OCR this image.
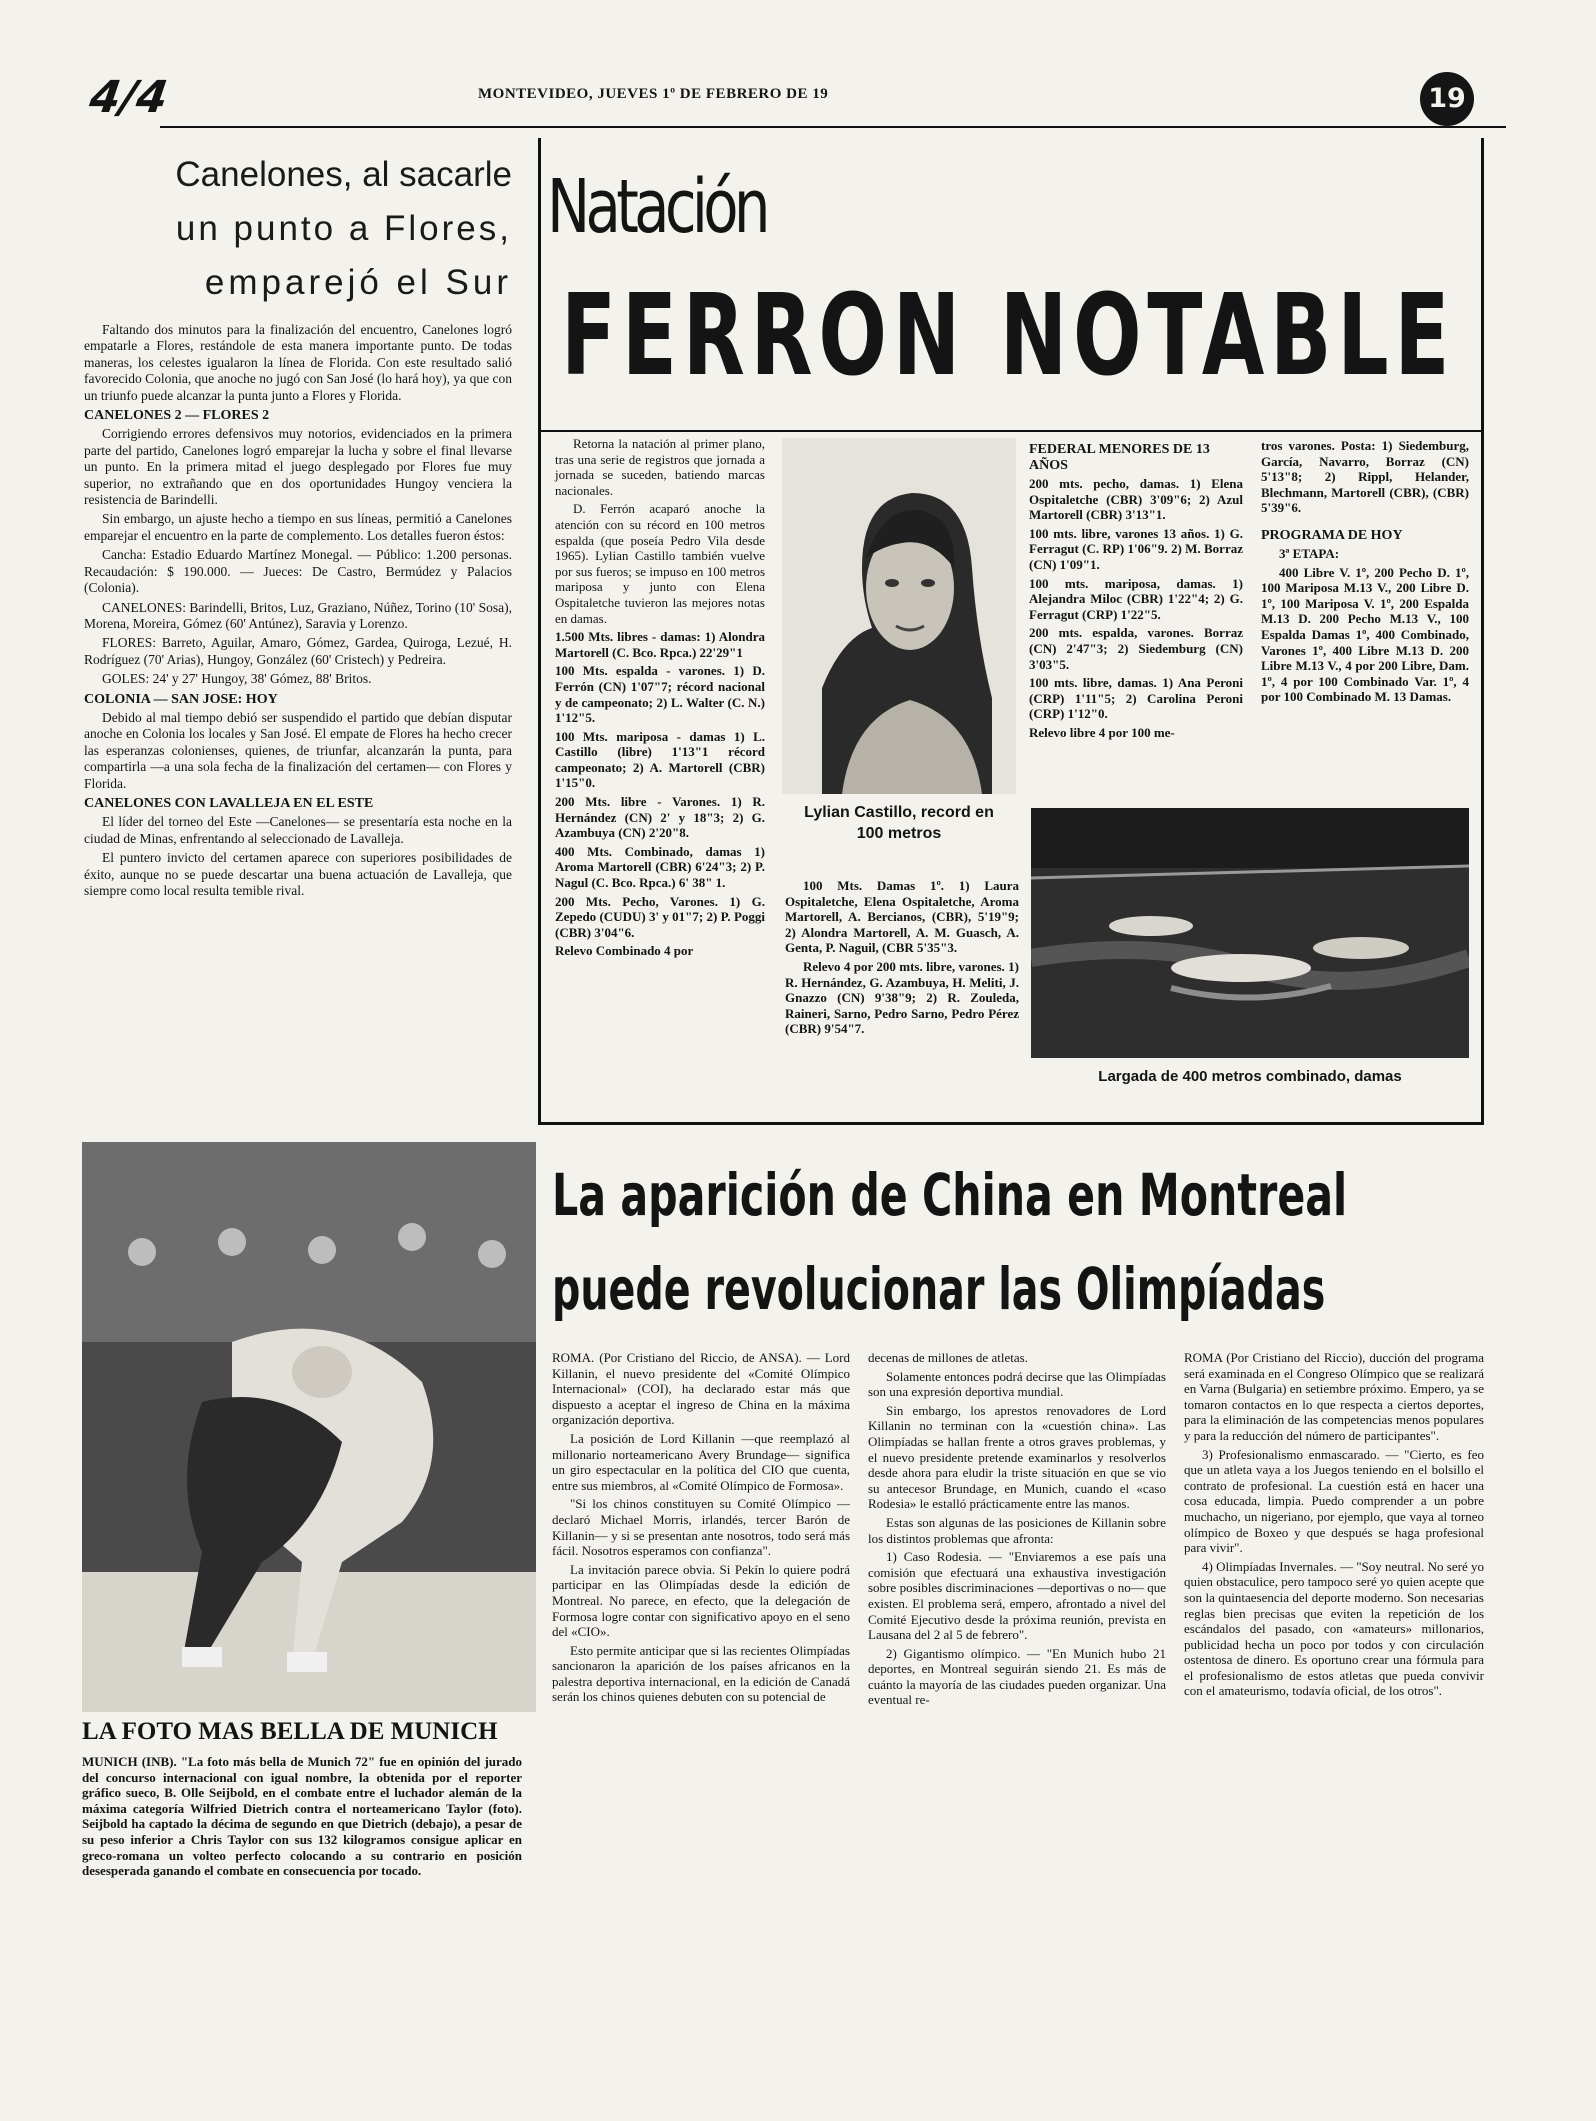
4/4	MONTEVIDEO, JUEVES 1º DE FEBRERO DE 19	19
Canelones, al sacarle
un punto a Flores,
emparejó el Sur

Faltando dos minutos para la finalización del encuentro, Canelones logró empatarle a Flores, restándole de esta manera importante punto. De todas maneras, los celestes igualaron la línea de Florida. Con este resultado salió favorecido Colonia, que anoche no jugó con San José (lo hará hoy), ya que con un triunfo puede alcanzar la punta junto a Flores y Florida.

CANELONES 2 — FLORES 2

Corrigiendo errores defensivos muy notorios, evidenciados en la primera parte del partido, Canelones logró emparejar la lucha y sobre el final llevarse un punto. En la primera mitad el juego desplegado por Flores fue muy superior, no extrañando que en dos oportunidades Hungoy venciera la resistencia de Barindelli.

Sin embargo, un ajuste hecho a tiempo en sus líneas, permitió a Canelones emparejar el encuentro en la parte de complemento. Los detalles fueron éstos:

Cancha: Estadio Eduardo Martínez Monegal. — Público: 1.200 personas. Recaudación: $ 190.000. — Jueces: De Castro, Bermúdez y Palacios (Colonia).

CANELONES: Barindelli, Britos, Luz, Graziano, Núñez, Torino (10' Sosa), Morena, Moreira, Gómez (60' Antúnez), Saravia y Lorenzo.

FLORES: Barreto, Aguilar, Amaro, Gómez, Gardea, Quiroga, Lezué, H. Rodríguez (70' Arias), Hungoy, González (60' Cristech) y Pedreira.

GOLES: 24' y 27' Hungoy, 38' Gómez, 88' Britos.

COLONIA — SAN JOSE: HOY

Debido al mal tiempo debió ser suspendido el partido que debían disputar anoche en Colonia los locales y San José. El empate de Flores ha hecho crecer las esperanzas colonienses, quienes, de triunfar, alcanzarán la punta, para compartirla —a una sola fecha de la finalización del certamen— con Flores y Florida.

CANELONES CON LAVALLEJA EN EL ESTE

El líder del torneo del Este —Canelones— se presentaría esta noche en la ciudad de Minas, enfrentando al seleccionado de Lavalleja.

El puntero invicto del certamen aparece con superiores posibilidades de éxito, aunque no se puede descartar una buena actuación de Lavalleja, que siempre como local resulta temible rival.

Natación
FERRON NOTABLE

Retorna la natación al primer plano, tras una serie de registros que jornada a jornada se suceden, batiendo marcas nacionales.

D. Ferrón acaparó anoche la atención con su récord en 100 metros espalda (que poseía Pedro Vila desde 1965). Lylian Castillo también vuelve por sus fueros; se impuso en 100 metros mariposa y junto con Elena Ospitaletche tuvieron las mejores notas en damas.

1.500 Mts. libres - damas: 1) Alondra Martorell (C. Bco. Rpca.) 22'29"1

100 Mts. espalda - varones. 1) D. Ferrón (CN) 1'07"7; récord nacional y de campeonato; 2) L. Walter (C. N.) 1'12"5.

100 Mts. mariposa - damas 1) L. Castillo (libre) 1'13"1 récord campeonato; 2) A. Martorell (CBR) 1'15"0.

200 Mts. libre - Varones. 1) R. Hernández (CN) 2' y 18"3; 2) G. Azambuya (CN) 2'20"8.

400 Mts. Combinado, damas 1) Aroma Martorell (CBR) 6'24"3; 2) P. Nagul (C. Bco. Rpca.) 6' 38" 1.

200 Mts. Pecho, Varones. 1) G. Zepedo (CUDU) 3' y 01"7; 2) P. Poggi (CBR) 3'04"6.

Relevo Combinado 4 por

Lylian Castillo, record en 100 metros

100 Mts. Damas 1º. 1) Laura Ospitaletche, Elena Ospitaletche, Aroma Martorell, A. Bercianos, (CBR), 5'19"9; 2) Alondra Martorell, A. M. Guasch, A. Genta, P. Naguil, (CBR 5'35"3.

Relevo 4 por 200 mts. libre, varones. 1) R. Hernández, G. Azambuya, H. Meliti, J. Gnazzo (CN) 9'38"9; 2) R. Zouleda, Raineri, Sarno, Pedro Sarno, Pedro Pérez (CBR) 9'54"7.

FEDERAL MENORES DE 13 AÑOS

200 mts. pecho, damas. 1) Elena Ospitaletche (CBR) 3'09"6; 2) Azul Martorell (CBR) 3'13"1.

100 mts. libre, varones 13 años. 1) G. Ferragut (C. RP) 1'06"9. 2) M. Borraz (CN) 1'09"1.

100 mts. mariposa, damas. 1) Alejandra Miloc (CBR) 1'22"4; 2) G. Ferragut (CRP) 1'22"5.

200 mts. espalda, varones. Borraz (CN) 2'47"3; 2) Siedemburg (CN) 3'03"5.

100 mts. libre, damas. 1) Ana Peroni (CRP) 1'11"5; 2) Carolina Peroni (CRP) 1'12"0.

Relevo libre 4 por 100 me-

tros varones. Posta: 1) Siedemburg, García, Navarro, Borraz (CN) 5'13"8; 2) Rippl, Helander, Blechmann, Martorell (CBR), (CBR) 5'39"6.

PROGRAMA DE HOY

3ª ETAPA:

400 Libre V. 1º, 200 Pecho D. 1º, 100 Mariposa M.13 V., 200 Libre D. 1º, 100 Mariposa V. 1º, 200 Espalda M.13 D. 200 Pecho M.13 V., 100 Espalda Damas 1º, 400 Combinado, Varones 1º, 400 Libre M.13 D. 200 Libre M.13 V., 4 por 200 Libre, Dam. 1º, 4 por 100 Combinado Var. 1º, 4 por 100 Combinado M. 13 Damas.

Largada de 400 metros combinado, damas
LA FOTO MAS BELLA DE MUNICH
MUNICH (INB). "La foto más bella de Munich 72" fue en opinión del jurado del concurso internacional con igual nombre, la obtenida por el reporter gráfico sueco, B. Olle Seijbold, en el combate entre el luchador alemán de la máxima categoría Wilfried Dietrich contra el norteamericano Taylor (foto). Seijbold ha captado la décima de segundo en que Dietrich (debajo), a pesar de su peso inferior a Chris Taylor con sus 132 kilogramos consigue aplicar en greco-romana un volteo perfecto colocando a su contrario en posición desesperada ganando el combate en consecuencia por tocado.
La aparición de China en Montreal
puede revolucionar las Olimpíadas

ROMA. (Por Cristiano del Riccio, de ANSA). — Lord Killanin, el nuevo presidente del «Comité Olímpico Internacional» (COI), ha declarado estar más que dispuesto a aceptar el ingreso de China en la máxima organización deportiva.

La posición de Lord Killanin —que reemplazó al millonario norteamericano Avery Brundage— significa un giro espectacular en la política del CIO que cuenta, entre sus miembros, al «Comité Olímpico de Formosa».

"Si los chinos constituyen su Comité Olímpico —declaró Michael Morris, irlandés, tercer Barón de Killanin— y si se presentan ante nosotros, todo será más fácil. Nosotros esperamos con confianza".

La invitación parece obvia. Si Pekín lo quiere podrá participar en las Olimpíadas desde la edición de Montreal. No parece, en efecto, que la delegación de Formosa logre contar con significativo apoyo en el seno del «CIO».

Esto permite anticipar que si las recientes Olimpíadas sancionaron la aparición de los países africanos en la palestra deportiva internacional, en la edición de Canadá serán los chinos quienes debuten con su potencial de

decenas de millones de atletas.

Solamente entonces podrá decirse que las Olimpíadas son una expresión deportiva mundial.

Sin embargo, los aprestos renovadores de Lord Killanin no terminan con la «cuestión china». Las Olimpíadas se hallan frente a otros graves problemas, y el nuevo presidente pretende examinarlos y resolverlos desde ahora para eludir la triste situación en que se vio su antecesor Brundage, en Munich, cuando el «caso Rodesia» le estalló prácticamente entre las manos.

Estas son algunas de las posiciones de Killanin sobre los distintos problemas que afronta:

1) Caso Rodesia. — "Enviaremos a ese país una comisión que efectuará una exhaustiva investigación sobre posibles discriminaciones —deportivas o no— que existen. El problema será, empero, afrontado a nivel del Comité Ejecutivo desde la próxima reunión, prevista en Lausana del 2 al 5 de febrero".

2) Gigantismo olímpico. — "En Munich hubo 21 deportes, en Montreal seguirán siendo 21. Es más de cuánto la mayoría de las ciudades pueden organizar. Una eventual re-

ROMA (Por Cristiano del Riccio), ducción del programa será examinada en el Congreso Olímpico que se realizará en Varna (Bulgaria) en setiembre próximo. Empero, ya se tomaron contactos en lo que respecta a ciertos deportes, para la eliminación de las competencias menos populares y para la reducción del número de participantes".

3) Profesionalismo enmascarado. — "Cierto, es feo que un atleta vaya a los Juegos teniendo en el bolsillo el contrato de profesional. La cuestión está en hacer una cosa educada, limpia. Puedo comprender a un pobre muchacho, un nigeriano, por ejemplo, que vaya al torneo olímpico de Boxeo y que después se haga profesional para vivir".

4) Olimpíadas Invernales. — "Soy neutral. No seré yo quien obstaculice, pero tampoco seré yo quien acepte que son la quintaesencia del deporte moderno. Son necesarias reglas bien precisas que eviten la repetición de los escándalos del pasado, con «amateurs» millonarios, publicidad hecha un poco por todos y con circulación ostentosa de dinero. Es oportuno crear una fórmula para el profesionalismo de estos atletas que pueda convivir con el amateurismo, todavía oficial, de los otros".
